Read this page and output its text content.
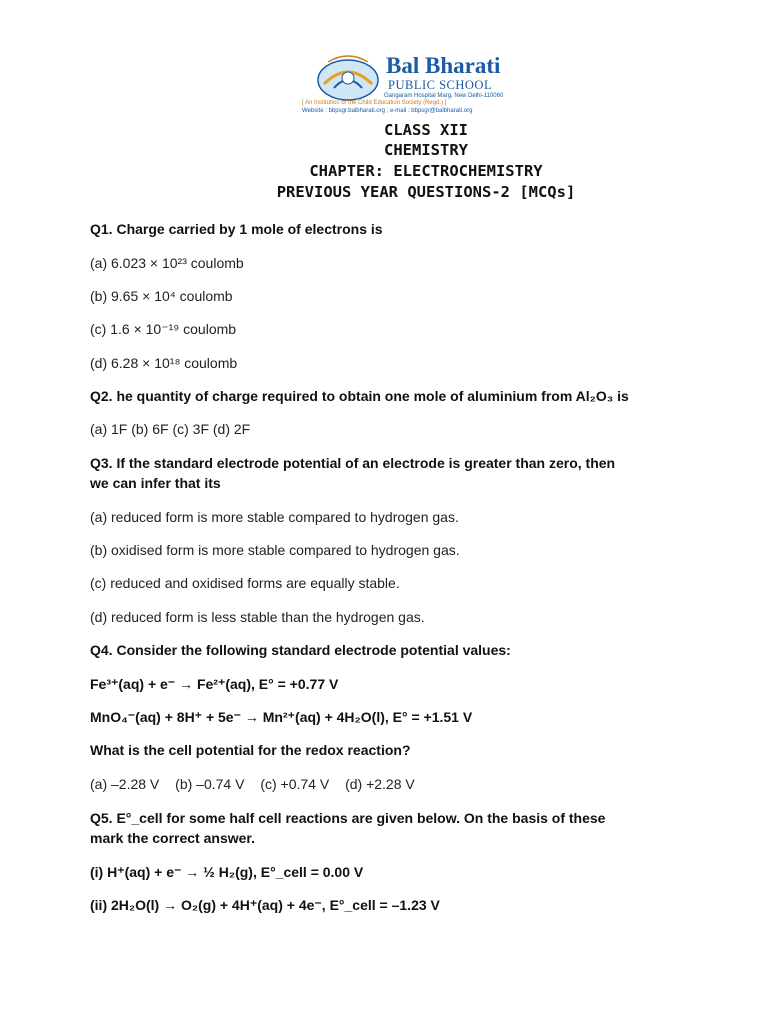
Bal Bharati
PUBLIC SCHOOL
Gangaram Hospital Marg, New Delhi-110060
[ An Institution of the Child Education Society (Regd.) ]
Website : bbpsgr.balbharati.org ; e-mail : bbpsgr@balbharati.org
CLASS XII
CHEMISTRY
CHAPTER: ELECTROCHEMISTRY
PREVIOUS YEAR QUESTIONS-2 [MCQs]
Q1. Charge carried by 1 mole of electrons is
(a) 6.023 × 10²³ coulomb
(b) 9.65 × 10⁴ coulomb
(c) 1.6 × 10⁻¹⁹ coulomb
(d) 6.28 × 10¹⁸ coulomb
Q2. he quantity of charge required to obtain one mole of aluminium from Al₂O₃ is
(a) 1F (b) 6F (c) 3F (d) 2F
Q3. If the standard electrode potential of an electrode is greater than zero, then
we can infer that its
(a) reduced form is more stable compared to hydrogen gas.
(b) oxidised form is more stable compared to hydrogen gas.
(c) reduced and oxidised forms are equally stable.
(d) reduced form is less stable than the hydrogen gas.
Q4. Consider the following standard electrode potential values:
Fe³⁺(aq) + e⁻ → Fe²⁺(aq), E° = +0.77 V
MnO₄⁻(aq) + 8H⁺ + 5e⁻ → Mn²⁺(aq) + 4H₂O(l), E° = +1.51 V
What is the cell potential for the redox reaction?
(a) –2.28 V (b) –0.74 V (c) +0.74 V (d) +2.28 V
Q5. E°_cell for some half cell reactions are given below. On the basis of these
mark the correct answer.
(i) H⁺(aq) + e⁻ → ½ H₂(g), E°_cell = 0.00 V
(ii) 2H₂O(l) → O₂(g) + 4H⁺(aq) + 4e⁻, E°_cell = –1.23 V
